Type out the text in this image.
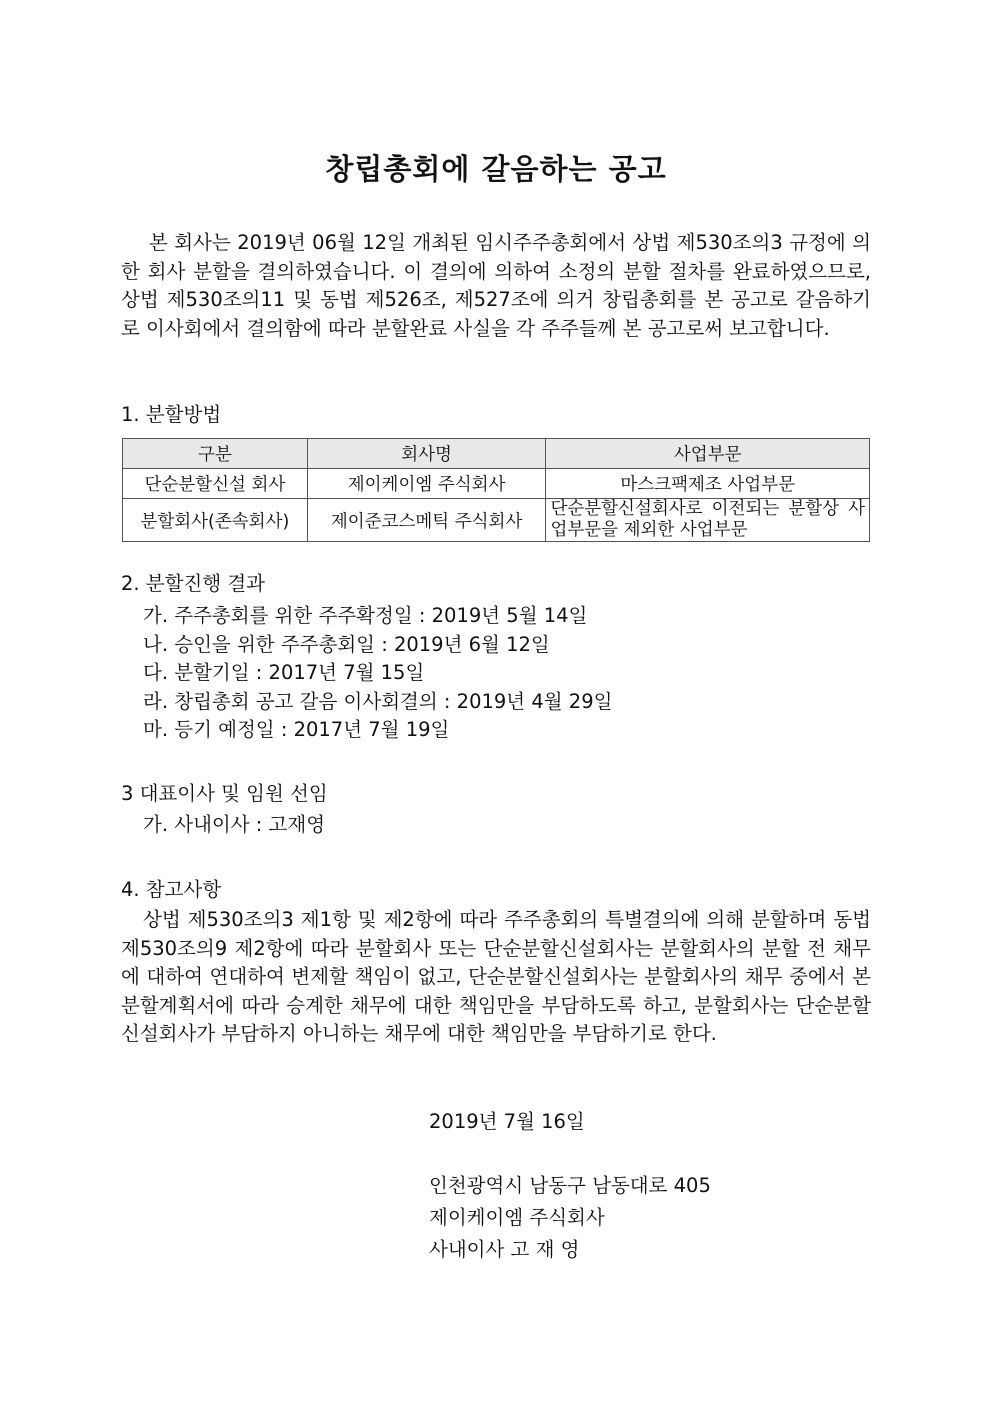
창립총회에 갈음하는 공고

본 회사는 2019년 06월 12일 개최된 임시주주총회에서 상법 제530조의3 규정에 의한 회사 분할을 결의하였습니다. 이 결의에 의하여 소정의 분할 절차를 완료하였으므로, 상법 제530조의11 및 동법 제526조, 제527조에 의거 창립총회를 본 공고로 갈음하기로 이사회에서 결의함에 따라 분할완료 사실을 각 주주들께 본 공고로써 보고합니다.

1. 분할방법

구분	회사명	사업부문
단순분할신설 회사	제이케이엠 주식회사	마스크팩제조 사업부문
분할회사(존속회사)	제이준코스메틱 주식회사	단순분할신설회사로 이전되는 분할상 사업부문을 제외한 사업부문

2. 분할진행 결과

가. 주주총회를 위한 주주확정일 : 2019년 5월 14일
나. 승인을 위한 주주총회일 : 2019년 6월 12일
다. 분할기일 : 2017년 7월 15일
라. 창립총회 공고 갈음 이사회결의 : 2019년 4월 29일
마. 등기 예정일 : 2017년 7월 19일

3 대표이사 및 임원 선임

가. 사내이사 : 고재영

4. 참고사항

상법 제530조의3 제1항 및 제2항에 따라 주주총회의 특별결의에 의해 분할하며 동법 제530조의9 제2항에 따라 분할회사 또는 단순분할신설회사는 분할회사의 분할 전 채무에 대하여 연대하여 변제할 책임이 없고, 단순분할신설회사는 분할회사의 채무 중에서 본 분할계획서에 따라 승계한 채무에 대한 책임만을 부담하도록 하고, 분할회사는 단순분할신설회사가 부담하지 아니하는 채무에 대한 책임만을 부담하기로 한다.

2019년 7월 16일

인천광역시 남동구 남동대로 405

제이케이엠 주식회사

사내이사 고 재 영
